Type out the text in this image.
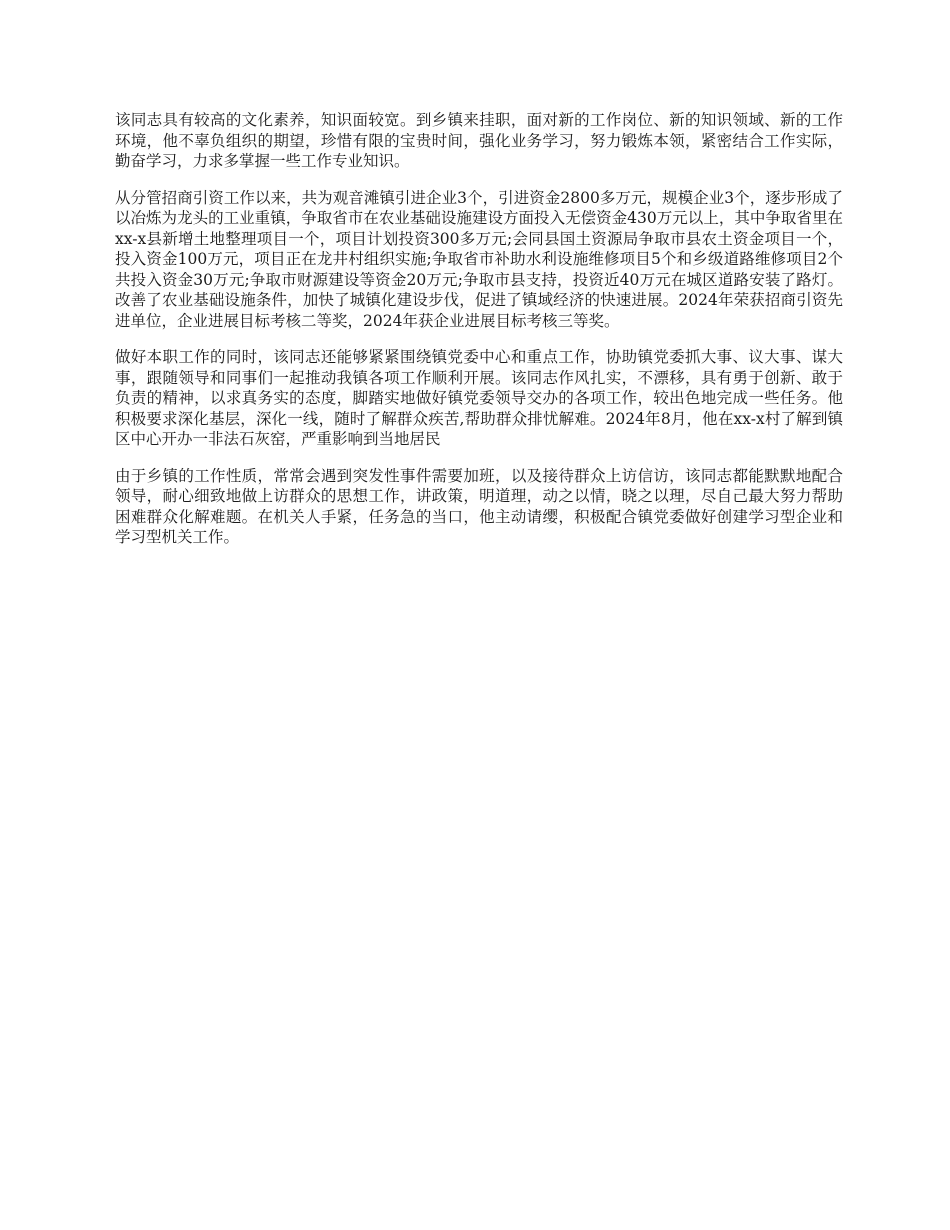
该同志具有较高的文化素养，知识面较宽。到乡镇来挂职，面对新的工作岗位、新的知识领域、新的工作环境，他不辜负组织的期望，珍惜有限的宝贵时间，强化业务学习，努力锻炼本领，紧密结合工作实际，勤奋学习，力求多掌握一些工作专业知识。

从分管招商引资工作以来，共为观音滩镇引进企业3个，引进资金2800多万元，规模企业3个，逐步形成了以冶炼为龙头的工业重镇，争取省市在农业基础设施建设方面投入无偿资金430万元以上，其中争取省里在xx-x县新增土地整理项目一个，项目计划投资300多万元;会同县国土资源局争取市县农土资金项目一个，投入资金100万元，项目正在龙井村组织实施;争取省市补助水利设施维修项目5个和乡级道路维修项目2个共投入资金30万元;争取市财源建设等资金20万元;争取市县支持，投资近40万元在城区道路安装了路灯。改善了农业基础设施条件，加快了城镇化建设步伐，促进了镇域经济的快速进展。2024年荣获招商引资先进单位，企业进展目标考核二等奖，2024年获企业进展目标考核三等奖。

做好本职工作的同时，该同志还能够紧紧围绕镇党委中心和重点工作，协助镇党委抓大事、议大事、谋大事，跟随领导和同事们一起推动我镇各项工作顺利开展。该同志作风扎实，不漂移，具有勇于创新、敢于负责的精神，以求真务实的态度，脚踏实地做好镇党委领导交办的各项工作，较出色地完成一些任务。他积极要求深化基层，深化一线，随时了解群众疾苦,帮助群众排忧解难。2024年8月，他在xx-x村了解到镇区中心开办一非法石灰窑，严重影响到当地居民

由于乡镇的工作性质，常常会遇到突发性事件需要加班，以及接待群众上访信访，该同志都能默默地配合领导，耐心细致地做上访群众的思想工作，讲政策，明道理，动之以情，晓之以理，尽自己最大努力帮助困难群众化解难题。在机关人手紧，任务急的当口，他主动请缨，积极配合镇党委做好创建学习型企业和学习型机关工作。
